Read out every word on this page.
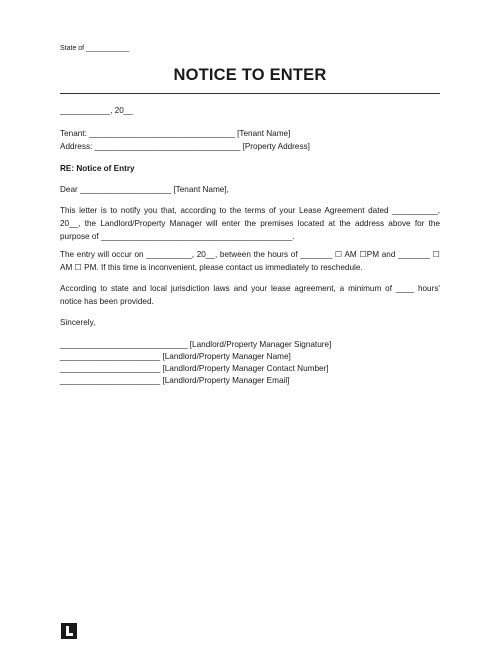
State of ___________
NOTICE TO ENTER
___________, 20__
Tenant: ________________________________ [Tenant Name]
Address: ________________________________ [Property Address]
RE: Notice of Entry
Dear ____________________ [Tenant Name],
This letter is to notify you that, according to the terms of your Lease Agreement dated __________, 20__, the Landlord/Property Manager will enter the premises located at the address above for the purpose of __________________________________________.
The entry will occur on __________, 20__, between the hours of _______ ☐ AM ☐PM and _______ ☐ AM ☐ PM. If this time is inconvenient, please contact us immediately to reschedule.
According to state and local jurisdiction laws and your lease agreement, a minimum of ____ hours' notice has been provided.
Sincerely,
____________________________ [Landlord/Property Manager Signature]
______________________ [Landlord/Property Manager Name]
______________________ [Landlord/Property Manager Contact Number]
______________________ [Landlord/Property Manager Email]
